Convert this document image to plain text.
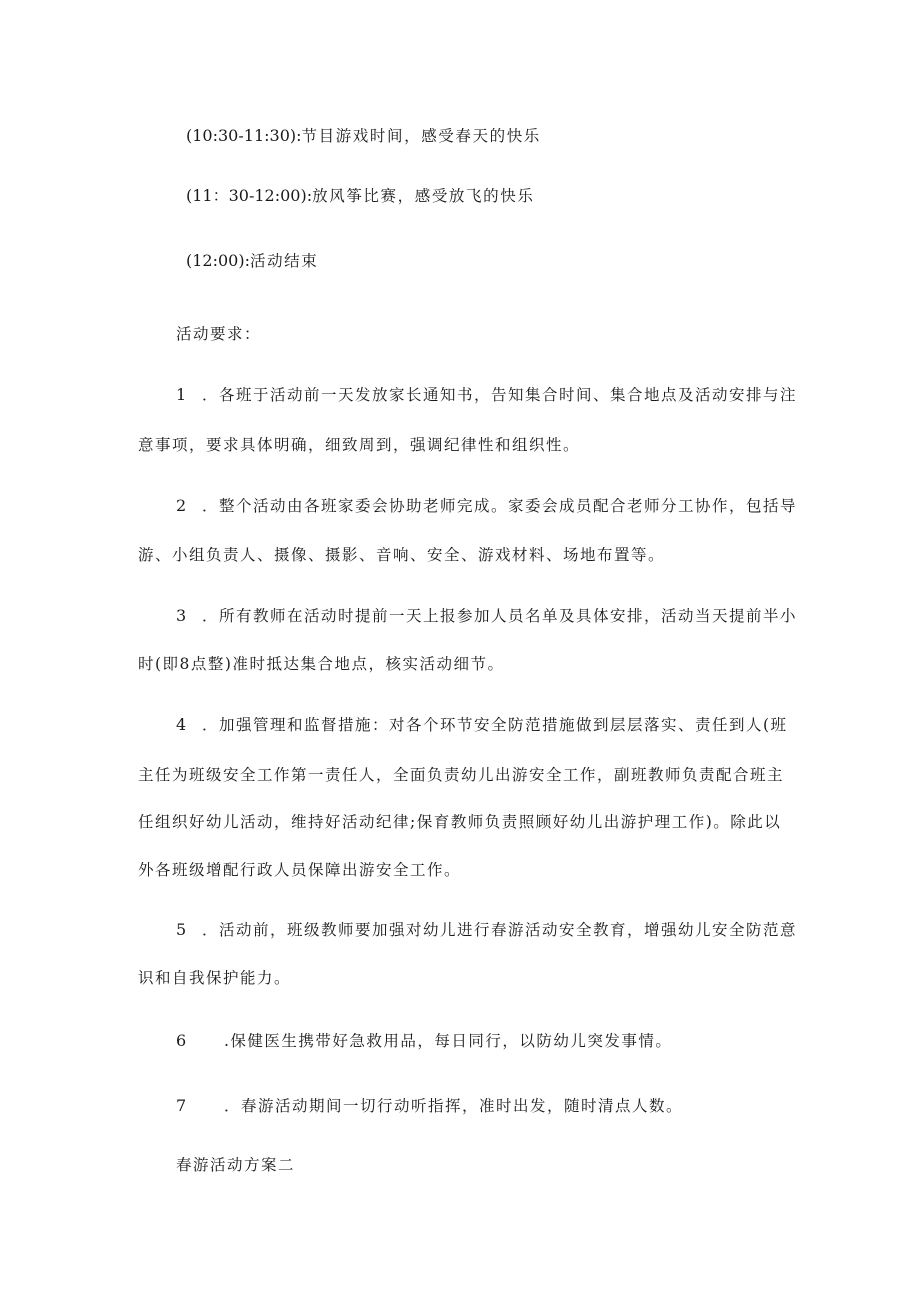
(10:30-11:30):节目游戏时间，感受春天的快乐
(11：30-12:00):放风筝比赛，感受放飞的快乐
(12:00):活动结束
活动要求：
1 ．各班于活动前一天发放家长通知书，告知集合时间、集合地点及活动安排与注
意事项，要求具体明确，细致周到，强调纪律性和组织性。
2 ．整个活动由各班家委会协助老师完成。家委会成员配合老师分工协作，包括导
游、小组负责人、摄像、摄影、音响、安全、游戏材料、场地布置等。
3 ．所有教师在活动时提前一天上报参加人员名单及具体安排，活动当天提前半小
时(即8点整)准时抵达集合地点，核实活动细节。
4 ．加强管理和监督措施：对各个环节安全防范措施做到层层落实、责任到人(班
主任为班级安全工作第一责任人，全面负责幼儿出游安全工作，副班教师负责配合班主
任组织好幼儿活动，维持好活动纪律;保育教师负责照顾好幼儿出游护理工作)。除此以
外各班级增配行政人员保障出游安全工作。
5 ．活动前，班级教师要加强对幼儿进行春游活动安全教育，增强幼儿安全防范意
识和自我保护能力。
6 .保健医生携带好急救用品，每日同行，以防幼儿突发事情。
7 ．春游活动期间一切行动听指挥，准时出发，随时清点人数。
春游活动方案二
